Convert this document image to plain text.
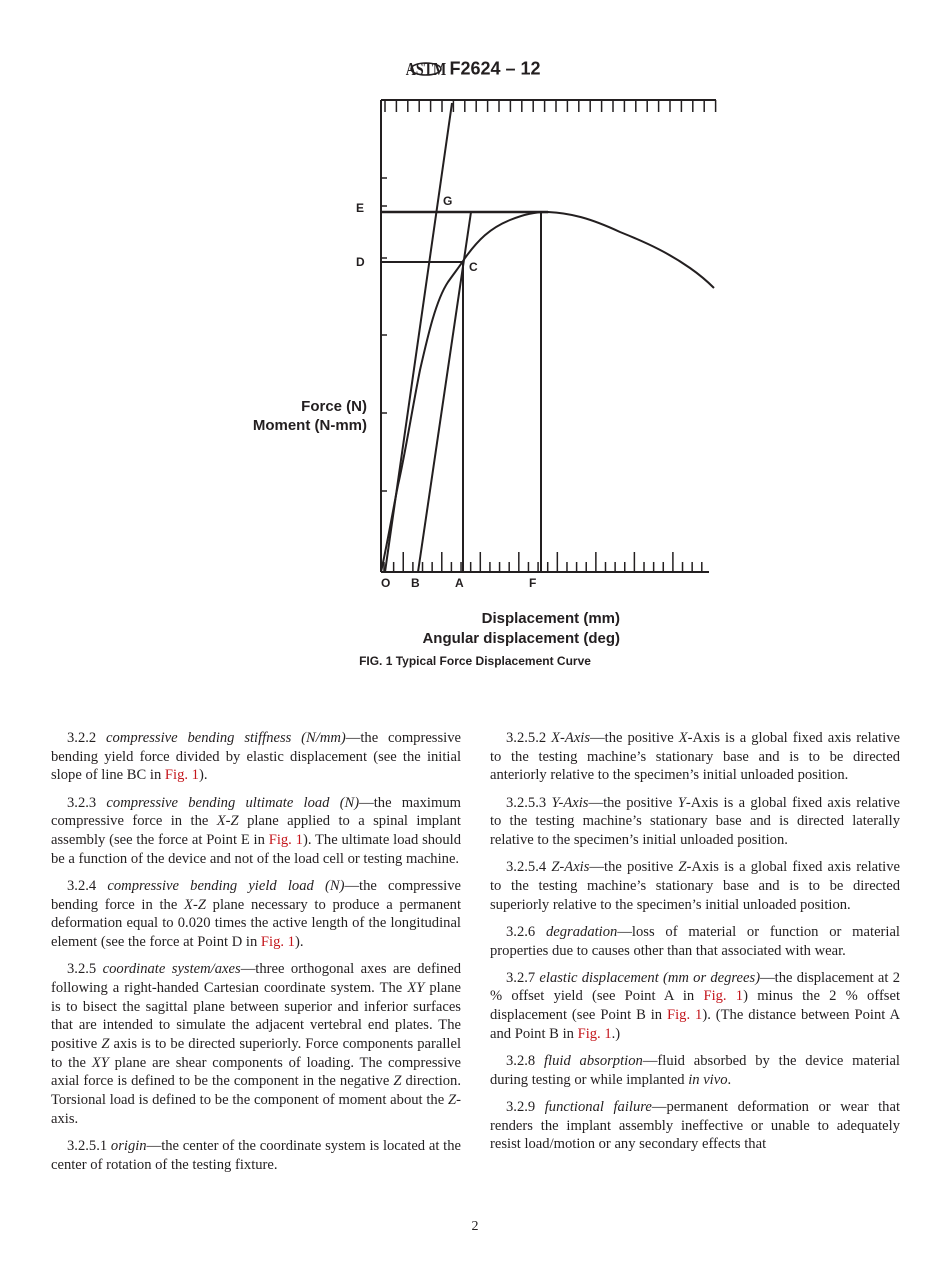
ASTM F2624 – 12
E
D
G
C
O B	A	F
Force (N)
Moment (N-mm)
Displacement (mm)
Angular displacement (deg)
FIG. 1 Typical Force Displacement Curve

3.2.2 compressive bending stiffness (N/mm)—the compressive bending yield force divided by elastic displacement (see the initial slope of line BC in Fig. 1).

3.2.3 compressive bending ultimate load (N)—the maximum compressive force in the X-Z plane applied to a spinal implant assembly (see the force at Point E in Fig. 1). The ultimate load should be a function of the device and not of the load cell or testing machine.

3.2.4 compressive bending yield load (N)—the compressive bending force in the X-Z plane necessary to produce a permanent deformation equal to 0.020 times the active length of the longitudinal element (see the force at Point D in Fig. 1).

3.2.5 coordinate system/axes—three orthogonal axes are defined following a right-handed Cartesian coordinate system. The XY plane is to bisect the sagittal plane between superior and inferior surfaces that are intended to simulate the adjacent vertebral end plates. The positive Z axis is to be directed superiorly. Force components parallel to the XY plane are shear components of loading. The compressive axial force is defined to be the component in the negative Z direction. Torsional load is defined to be the component of moment about the Z-axis.

3.2.5.1 origin—the center of the coordinate system is located at the center of rotation of the testing fixture.

3.2.5.2 X-Axis—the positive X-Axis is a global fixed axis relative to the testing machine’s stationary base and is to be directed anteriorly relative to the specimen’s initial unloaded position.

3.2.5.3 Y-Axis—the positive Y-Axis is a global fixed axis relative to the testing machine’s stationary base and is directed laterally relative to the specimen’s initial unloaded position.

3.2.5.4 Z-Axis—the positive Z-Axis is a global fixed axis relative to the testing machine’s stationary base and is to be directed superiorly relative to the specimen’s initial unloaded position.

3.2.6 degradation—loss of material or function or material properties due to causes other than that associated with wear.

3.2.7 elastic displacement (mm or degrees)—the displacement at 2 % offset yield (see Point A in Fig. 1) minus the 2 % offset displacement (see Point B in Fig. 1). (The distance between Point A and Point B in Fig. 1.)

3.2.8 fluid absorption—fluid absorbed by the device material during testing or while implanted in vivo.

3.2.9 functional failure—permanent deformation or wear that renders the implant assembly ineffective or unable to adequately resist load/motion or any secondary effects that

2
